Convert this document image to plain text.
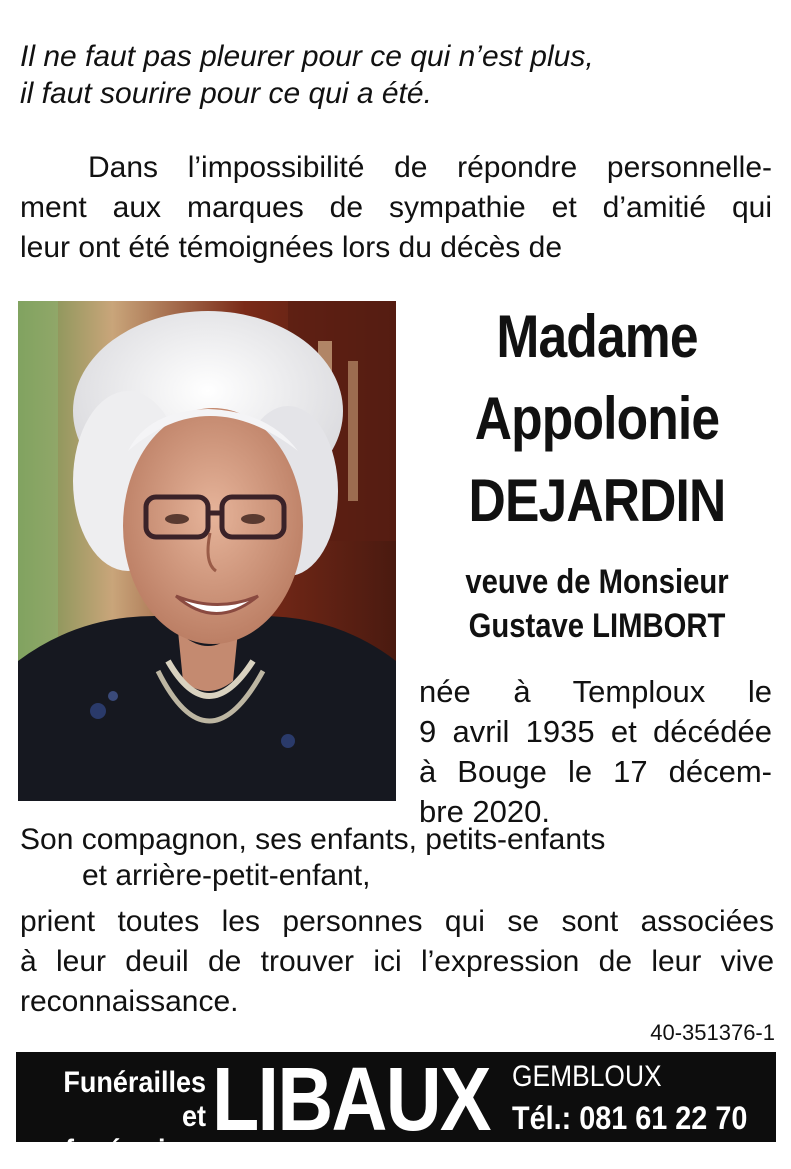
Il ne faut pas pleurer pour ce qui n’est plus,
il faut sourire pour ce qui a été.
Dans l’impossibilité de répondre personnelle-
ment aux marques de sympathie et d’amitié qui
leur ont été témoignées lors du décès de
Madame
Appolonie
DEJARDIN
veuve de Monsieur
Gustave LIMBORT
née à Temploux le
9 avril 1935 et décédée
à Bouge le 17 décem-
bre 2020.
Son compagnon, ses enfants, petits-enfants
et arrière-petit-enfant,
prient toutes les personnes qui se sont associées
à leur deuil de trouver ici l’expression de leur vive
reconnaissance.
40-351376-1
Funérailles
et funérarium
LIBAUX GEMBLOUX
Tél.: 081 61 22 70
